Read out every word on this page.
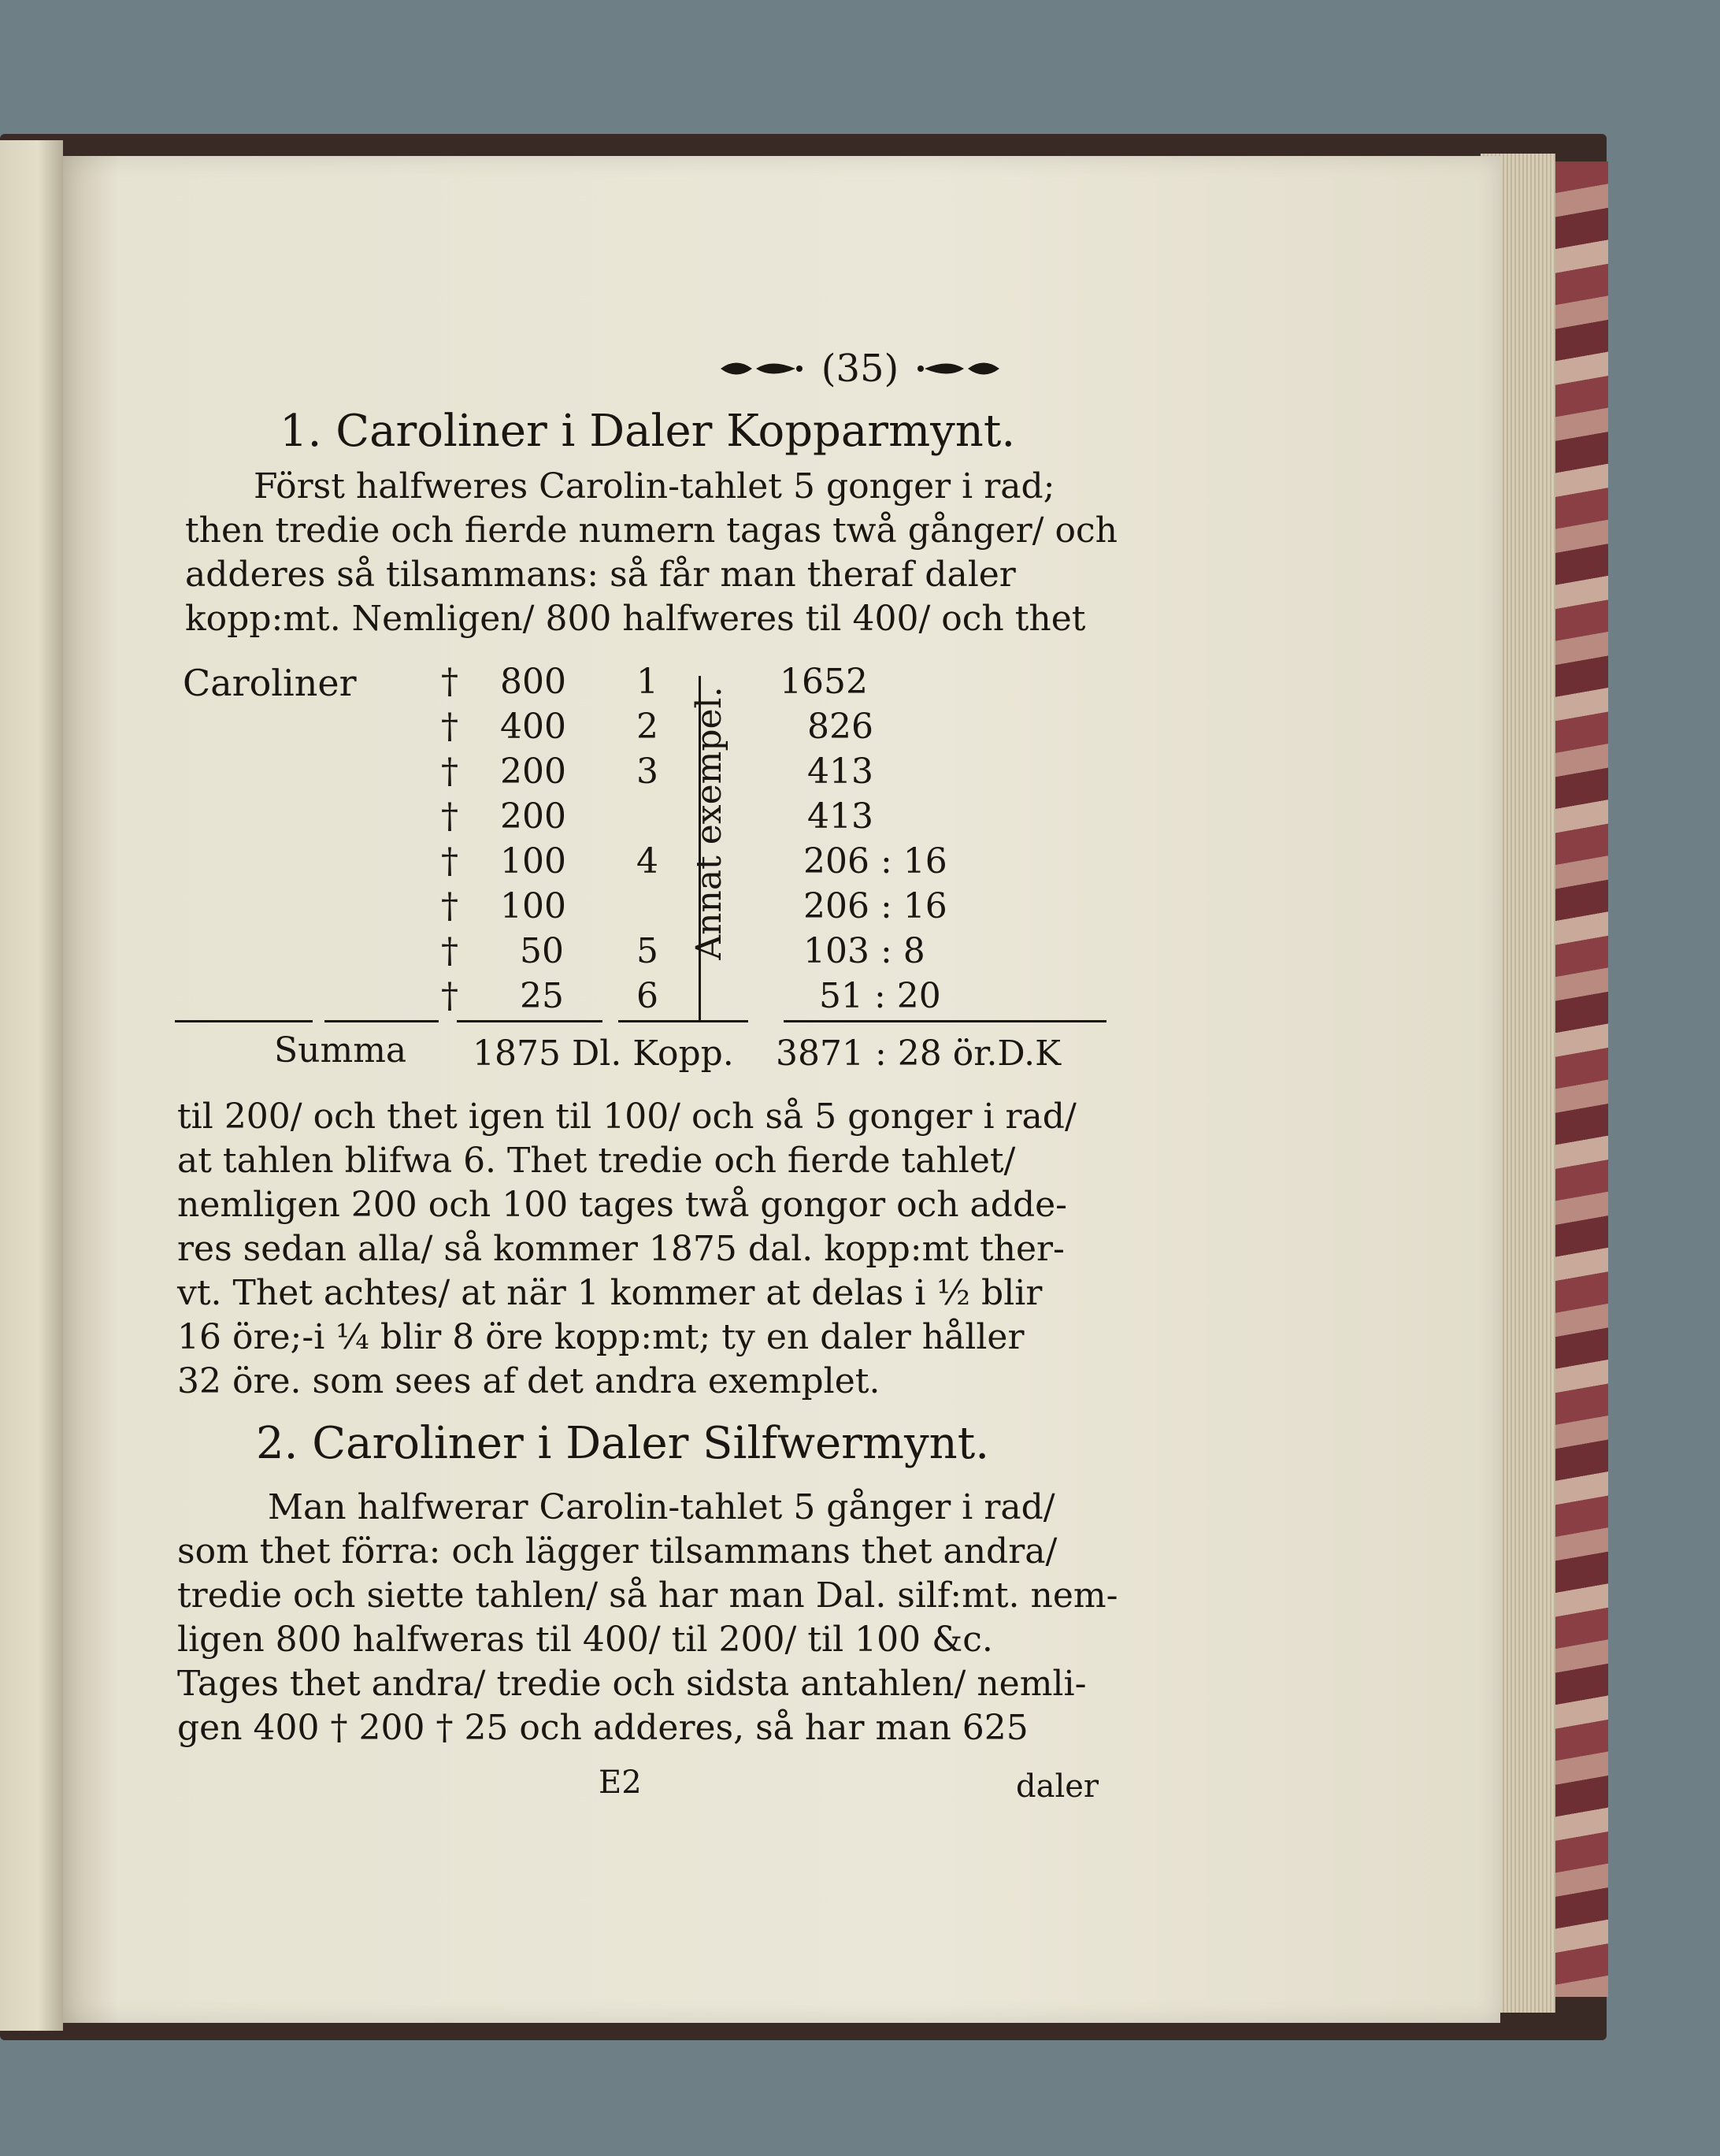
(35)
1. Caroliner i Daler Kopparmynt.
Först halfweres Carolin-tahlet 5 gonger i rad;
then tredie och fierde numern tagas twå gånger/ och
adderes så tilsammans: så får man theraf daler
kopp:mt. Nemligen/ 800 halfweres til 400/ och thet
Caroliner † 800 1	1652
† 400 2	826
† 200 3	413
† 200	413
† 100 4	206 : 16
† 100	206 : 16
† 50 5	103 : 8
† 25 6	51 : 20
Annat exempel.
Summa 1875 Dl. Kopp. 3871 : 28 ör.D.K
til 200/ och thet igen til 100/ och så 5 gonger i rad/
at tahlen blifwa 6. Thet tredie och fierde tahlet/
nemligen 200 och 100 tages twå gongor och adde-
res sedan alla/ så kommer 1875 dal. kopp:mt ther-
vt. Thet achtes/ at när 1 kommer at delas i ½ blir
16 öre;-i ¼ blir 8 öre kopp:mt; ty en daler håller
32 öre. som sees af det andra exemplet.
2. Caroliner i Daler Silfwermynt.
Man halfwerar Carolin-tahlet 5 gånger i rad/
som thet förra: och lägger tilsammans thet andra/
tredie och siette tahlen/ så har man Dal. silf:mt. nem-
ligen 800 halfweras til 400/ til 200/ til 100 &c.
Tages thet andra/ tredie och sidsta antahlen/ nemli-
gen 400 † 200 † 25 och adderes, så har man 625
E2	daler
